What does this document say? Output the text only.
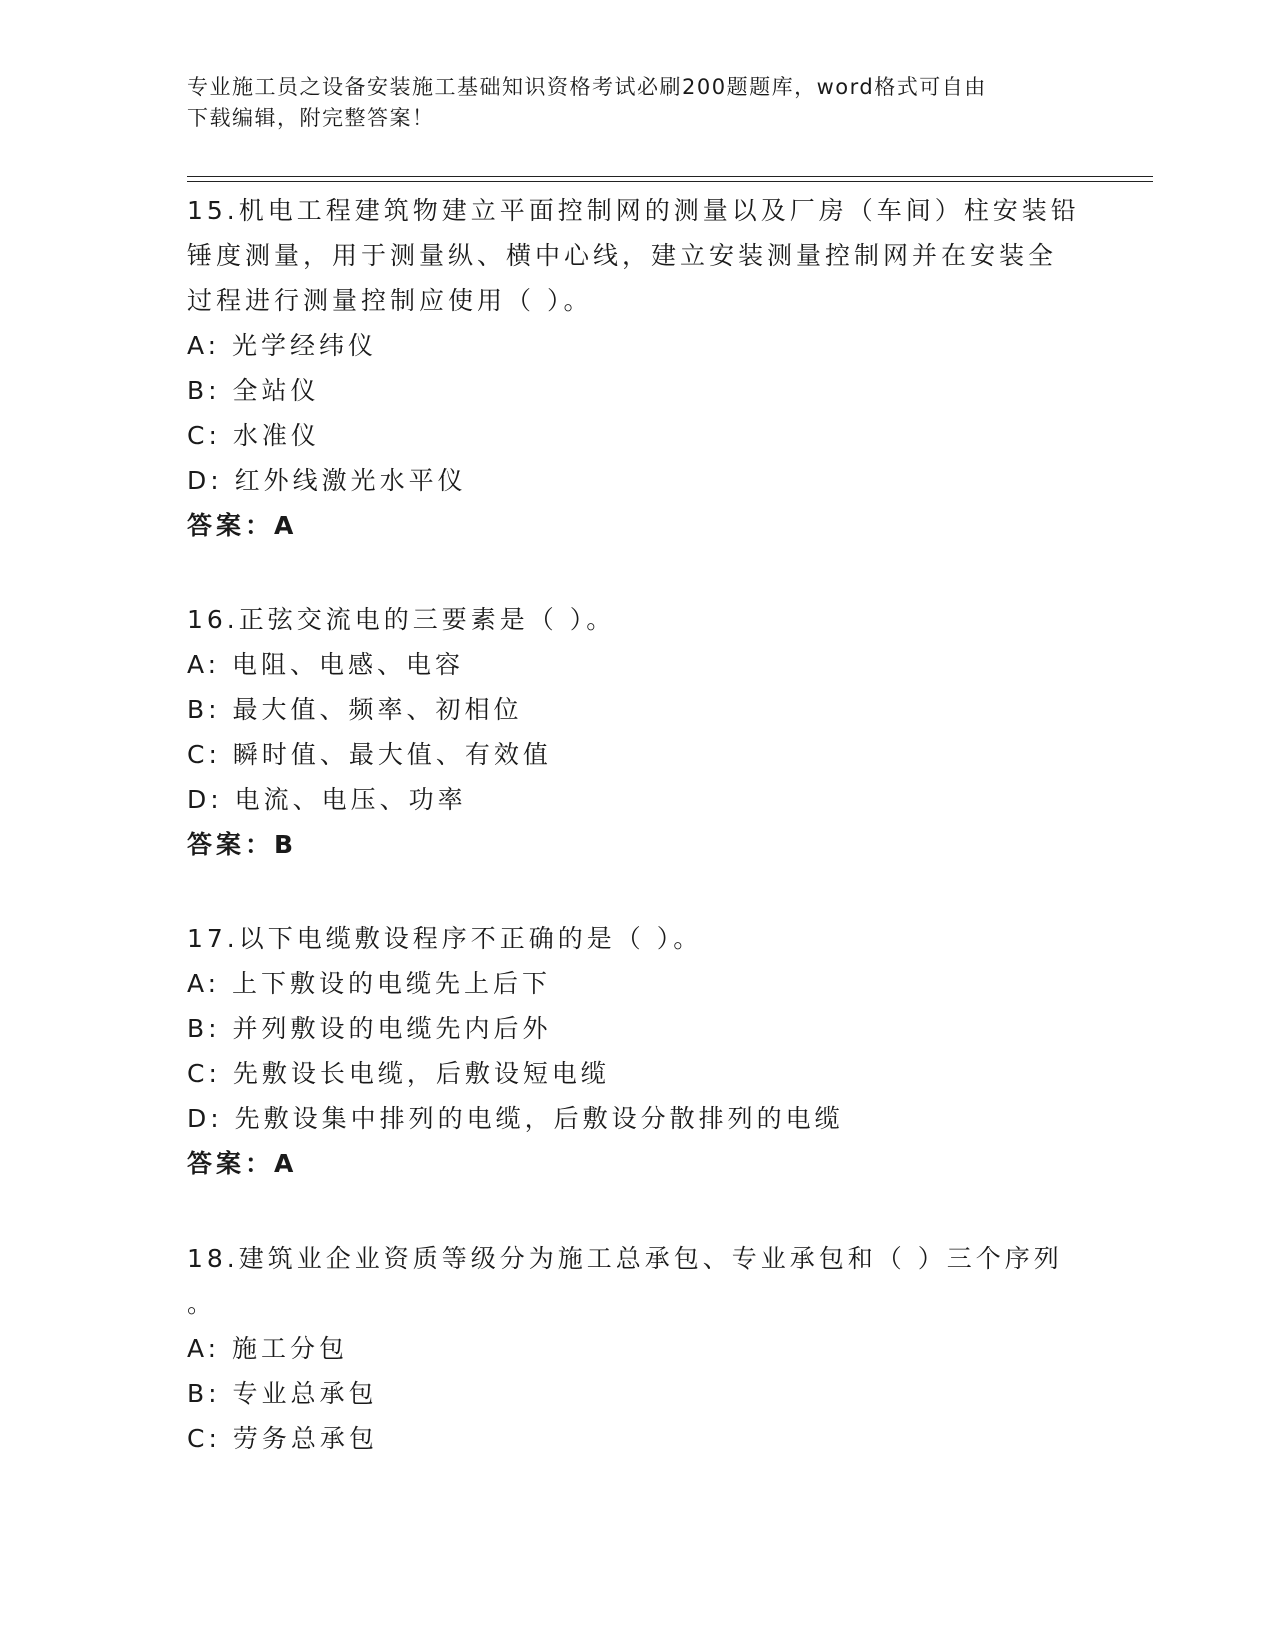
专业施工员之设备安装施工基础知识资格考试必刷200题题库，word格式可自由
下载编辑，附完整答案！

15.机电工程建筑物建立平面控制网的测量以及厂房（车间）柱安装铅

锤度测量，用于测量纵、横中心线，建立安装测量控制网并在安装全

过程进行测量控制应使用（ ）。

A: 光学经纬仪

B: 全站仪

C: 水准仪

D: 红外线激光水平仪

答案：A

16.正弦交流电的三要素是（ ）。

A: 电阻、电感、电容

B: 最大值、频率、初相位

C: 瞬时值、最大值、有效值

D: 电流、电压、功率

答案：B

17.以下电缆敷设程序不正确的是（ ）。

A: 上下敷设的电缆先上后下

B: 并列敷设的电缆先内后外

C: 先敷设长电缆，后敷设短电缆

D: 先敷设集中排列的电缆，后敷设分散排列的电缆

答案：A

18.建筑业企业资质等级分为施工总承包、专业承包和（ ）三个序列

。

A: 施工分包

B: 专业总承包

C: 劳务总承包
